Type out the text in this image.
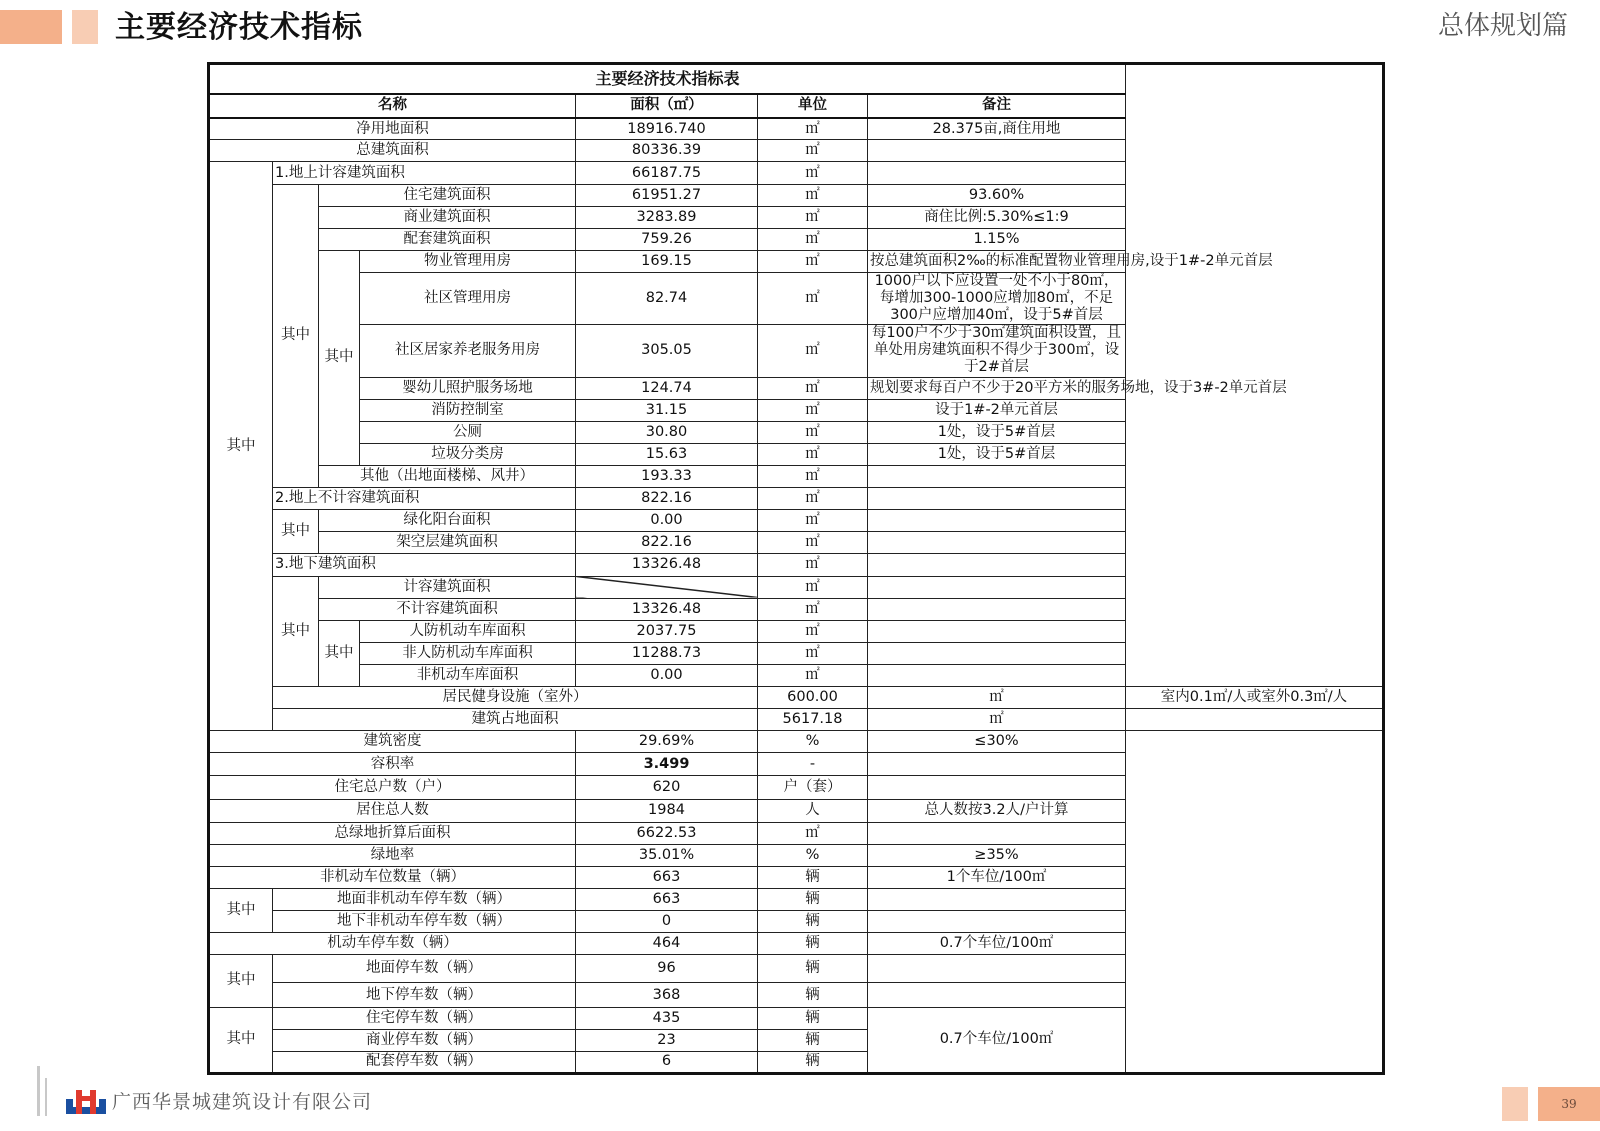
主要经济技术指标	总体规划篇
主要经济技术指标表							
名称				面积（㎡）	单位	备注	
净用地面积				18916.740	㎡	28.375亩,商住用地	
总建筑面积				80336.39	㎡		
其中	1.地上计容建筑面积			66187.75	㎡		
	其中	住宅建筑面积		61951.27	㎡	93.60%	
		商业建筑面积		3283.89	㎡	商住比例:5.30%≤1:9	
		配套建筑面积		759.26	㎡	1.15%	
		其中	物业管理用房	169.15	㎡	按总建筑面积2‰的标准配置物业管理用房,设于1#-2单元首层	
			社区管理用房	82.74	㎡	1000户以下应设置一处不小于80㎡，每增加300-1000应增加80㎡，不足300户应增加40㎡，设于5#首层	
			社区居家养老服务用房	305.05	㎡	每100户不少于30㎡建筑面积设置，且单处用房建筑面积不得少于300㎡，设于2#首层	
			婴幼儿照护服务场地	124.74	㎡	规划要求每百户不少于20平方米的服务场地，设于3#-2单元首层	
			消防控制室	31.15	㎡	设于1#-2单元首层	
			公厕	30.80	㎡	1处，设于5#首层	
			垃圾分类房	15.63	㎡	1处，设于5#首层	
		其他（出地面楼梯、风井）		193.33	㎡		
	2.地上不计容建筑面积			822.16	㎡		
	其中	绿化阳台面积		0.00	㎡		
		架空层建筑面积		822.16	㎡		
	3.地下建筑面积			13326.48	㎡		
	其中	计容建筑面积			㎡		
		不计容建筑面积		13326.48	㎡		
		其中	人防机动车库面积	2037.75	㎡		
			非人防机动车库面积	11288.73	㎡		
			非机动车库面积	0.00	㎡		
	居民健身设施（室外）				600.00	㎡	室内0.1㎡/人或室外0.3㎡/人
	建筑占地面积				5617.18	㎡	
建筑密度				29.69%	%	≤30%	
容积率				3.499	-		
住宅总户数（户）				620	户（套）		
居住总人数				1984	人	总人数按3.2人/户计算	
总绿地折算后面积				6622.53	㎡		
绿地率				35.01%	%	≥35%	
非机动车位数量（辆）				663	辆	1个车位/100㎡	
其中	地面非机动车停车数（辆）			663	辆		
	地下非机动车停车数（辆）			0	辆		
机动车停车数（辆）				464	辆	0.7个车位/100㎡	
其中	地面停车数（辆）			96	辆		
	地下停车数（辆）			368	辆		
其中	住宅停车数（辆）			435	辆	0.7个车位/100㎡	
	商业停车数（辆）			23	辆		
	配套停车数（辆）			6	辆		
广西华景城建筑设计有限公司	39
